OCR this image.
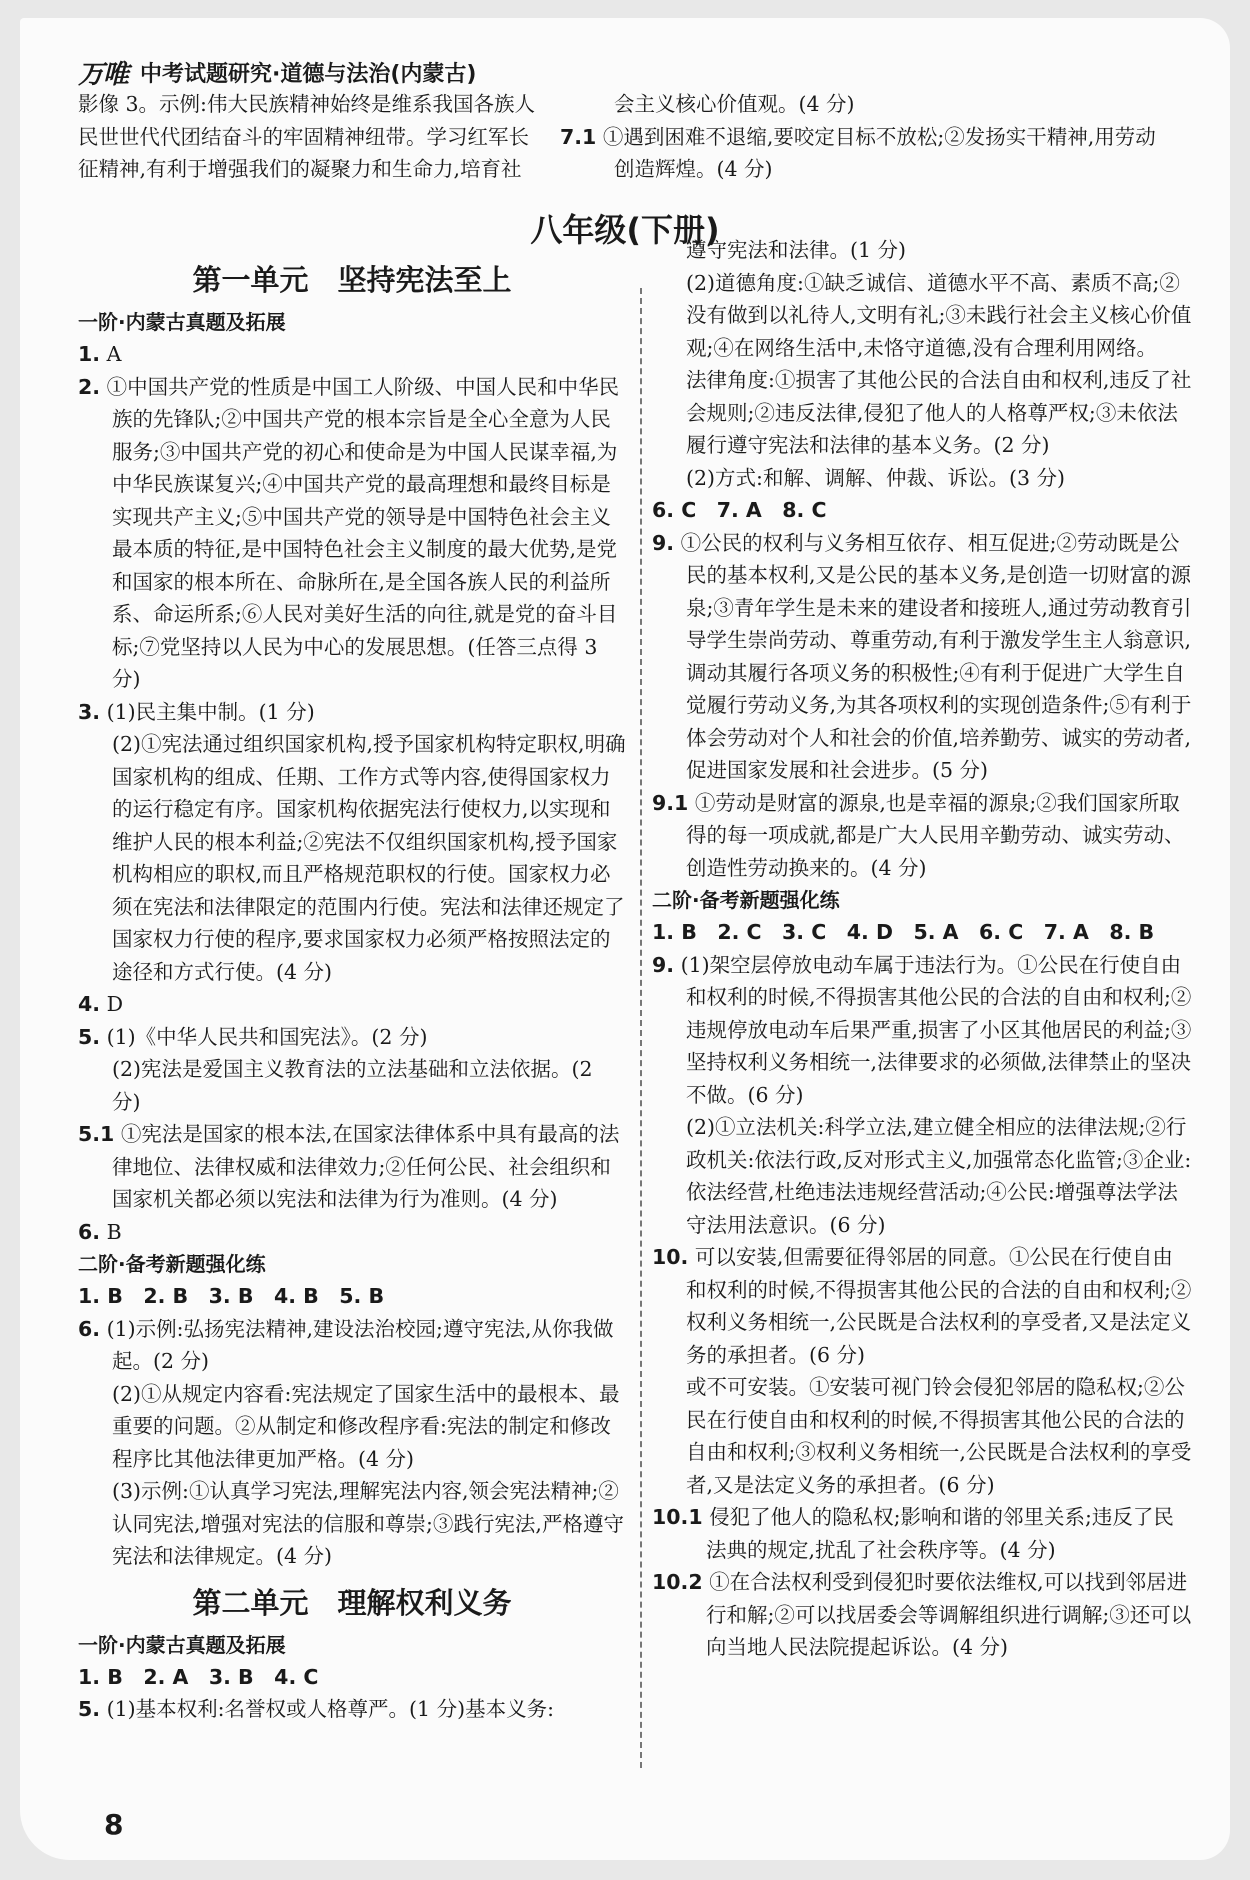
万唯 中考试题研究·道德与法治(内蒙古)

影像 3。示例:伟大民族精神始终是维系我国各族人

民世世代代团结奋斗的牢固精神纽带。学习红军长

征精神,有利于增强我们的凝聚力和生命力,培育社

会主义核心价值观。(4 分)

7.1 ①遇到困难不退缩,要咬定目标不放松;②发扬实干精神,用劳动创造辉煌。(4 分)

八年级(下册)
第一单元　坚持宪法至上
一阶·内蒙古真题及拓展

1. A

2. ①中国共产党的性质是中国工人阶级、中国人民和中华民族的先锋队;②中国共产党的根本宗旨是全心全意为人民服务;③中国共产党的初心和使命是为中国人民谋幸福,为中华民族谋复兴;④中国共产党的最高理想和最终目标是实现共产主义;⑤中国共产党的领导是中国特色社会主义最本质的特征,是中国特色社会主义制度的最大优势,是党和国家的根本所在、命脉所在,是全国各族人民的利益所系、命运所系;⑥人民对美好生活的向往,就是党的奋斗目标;⑦党坚持以人民为中心的发展思想。(任答三点得 3 分)

3. (1)民主集中制。(1 分)

(2)①宪法通过组织国家机构,授予国家机构特定职权,明确国家机构的组成、任期、工作方式等内容,使得国家权力的运行稳定有序。国家机构依据宪法行使权力,以实现和维护人民的根本利益;②宪法不仅组织国家机构,授予国家机构相应的职权,而且严格规范职权的行使。国家权力必须在宪法和法律限定的范围内行使。宪法和法律还规定了国家权力行使的程序,要求国家权力必须严格按照法定的途径和方式行使。(4 分)

4. D

5. (1)《中华人民共和国宪法》。(2 分)

(2)宪法是爱国主义教育法的立法基础和立法依据。(2 分)

5.1 ①宪法是国家的根本法,在国家法律体系中具有最高的法律地位、法律权威和法律效力;②任何公民、社会组织和国家机关都必须以宪法和法律为行为准则。(4 分)

6. B

二阶·备考新题强化练

1. B　2. B　3. B　4. B　5. B

6. (1)示例:弘扬宪法精神,建设法治校园;遵守宪法,从你我做起。(2 分)

(2)①从规定内容看:宪法规定了国家生活中的最根本、最重要的问题。②从制定和修改程序看:宪法的制定和修改程序比其他法律更加严格。(4 分)

(3)示例:①认真学习宪法,理解宪法内容,领会宪法精神;②认同宪法,增强对宪法的信服和尊崇;③践行宪法,严格遵守宪法和法律规定。(4 分)

第二单元　理解权利义务
一阶·内蒙古真题及拓展

1. B　2. A　3. B　4. C

5. (1)基本权利:名誉权或人格尊严。(1 分)基本义务:

遵守宪法和法律。(1 分)

(2)道德角度:①缺乏诚信、道德水平不高、素质不高;②没有做到以礼待人,文明有礼;③未践行社会主义核心价值观;④在网络生活中,未恪守道德,没有合理利用网络。

法律角度:①损害了其他公民的合法自由和权利,违反了社会规则;②违反法律,侵犯了他人的人格尊严权;③未依法履行遵守宪法和法律的基本义务。(2 分)

(2)方式:和解、调解、仲裁、诉讼。(3 分)

6. C　7. A　8. C

9. ①公民的权利与义务相互依存、相互促进;②劳动既是公民的基本权利,又是公民的基本义务,是创造一切财富的源泉;③青年学生是未来的建设者和接班人,通过劳动教育引导学生崇尚劳动、尊重劳动,有利于激发学生主人翁意识,调动其履行各项义务的积极性;④有利于促进广大学生自觉履行劳动义务,为其各项权利的实现创造条件;⑤有利于体会劳动对个人和社会的价值,培养勤劳、诚实的劳动者,促进国家发展和社会进步。(5 分)

9.1 ①劳动是财富的源泉,也是幸福的源泉;②我们国家所取得的每一项成就,都是广大人民用辛勤劳动、诚实劳动、创造性劳动换来的。(4 分)

二阶·备考新题强化练

1. B　2. C　3. C　4. D　5. A　6. C　7. A　8. B

9. (1)架空层停放电动车属于违法行为。①公民在行使自由和权利的时候,不得损害其他公民的合法的自由和权利;②违规停放电动车后果严重,损害了小区其他居民的利益;③坚持权利义务相统一,法律要求的必须做,法律禁止的坚决不做。(6 分)

(2)①立法机关:科学立法,建立健全相应的法律法规;②行政机关:依法行政,反对形式主义,加强常态化监管;③企业:依法经营,杜绝违法违规经营活动;④公民:增强尊法学法守法用法意识。(6 分)

10. 可以安装,但需要征得邻居的同意。①公民在行使自由和权利的时候,不得损害其他公民的合法的自由和权利;②权利义务相统一,公民既是合法权利的享受者,又是法定义务的承担者。(6 分)

或不可安装。①安装可视门铃会侵犯邻居的隐私权;②公民在行使自由和权利的时候,不得损害其他公民的合法的自由和权利;③权利义务相统一,公民既是合法权利的享受者,又是法定义务的承担者。(6 分)

10.1 侵犯了他人的隐私权;影响和谐的邻里关系;违反了民法典的规定,扰乱了社会秩序等。(4 分)

10.2 ①在合法权利受到侵犯时要依法维权,可以找到邻居进行和解;②可以找居委会等调解组织进行调解;③还可以向当地人民法院提起诉讼。(4 分)

8
